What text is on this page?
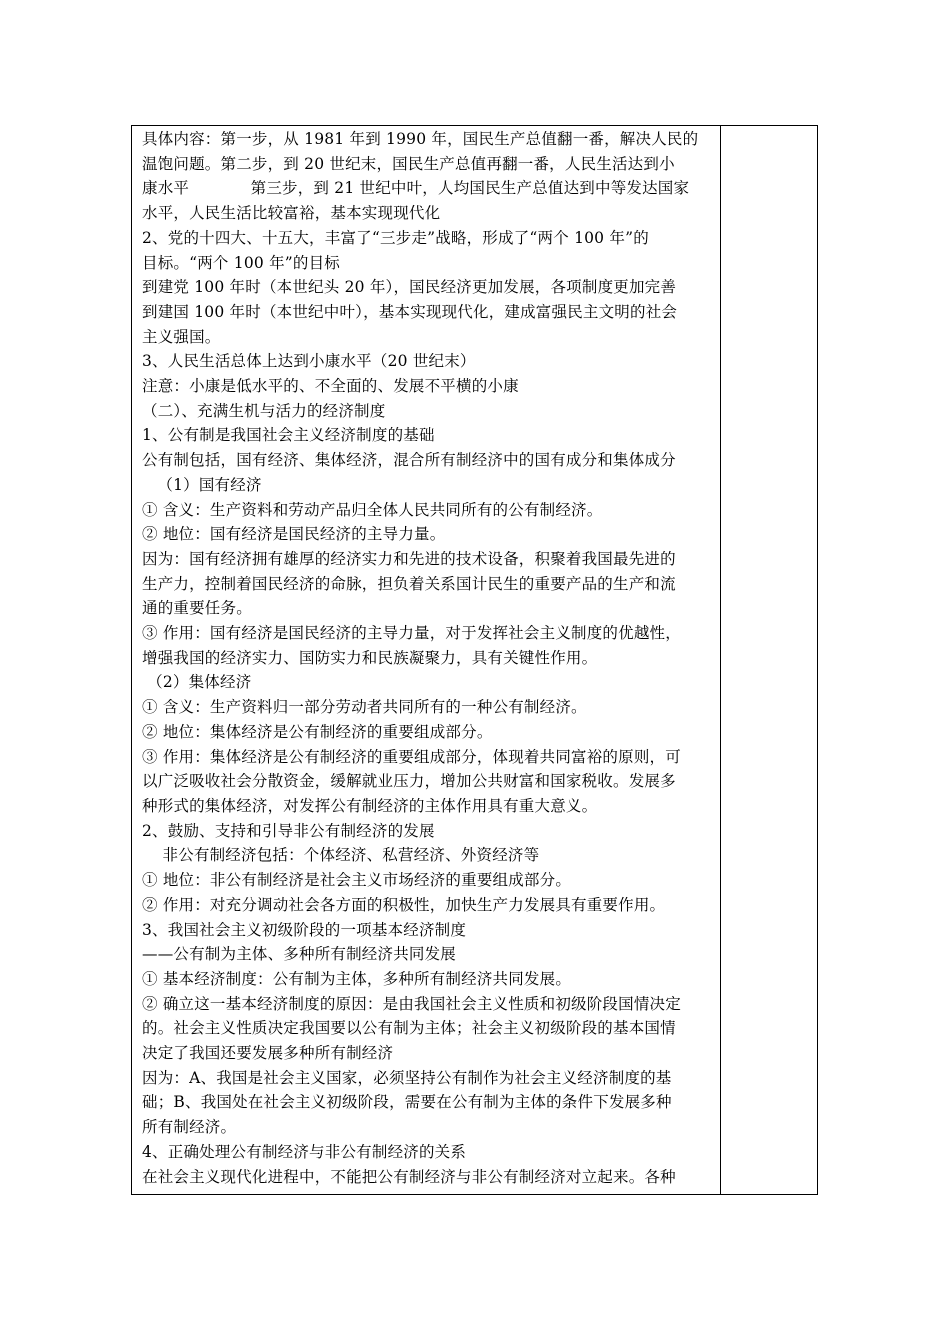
具体内容：第一步，从 1981 年到 1990 年，国民生产总值翻一番，解决人民的
温饱问题。第二步，到 20 世纪末，国民生产总值再翻一番，人民生活达到小
康水平            第三步，到 21 世纪中叶，人均国民生产总值达到中等发达国家
水平，人民生活比较富裕，基本实现现代化
2、党的十四大、十五大，丰富了“三步走”战略，形成了“两个 100 年”的
目标。“两个 100 年”的目标
到建党 100 年时（本世纪头 20 年），国民经济更加发展，各项制度更加完善
到建国 100 年时（本世纪中叶），基本实现现代化，建成富强民主文明的社会
主义强国。
3、人民生活总体上达到小康水平（20 世纪末）
注意：小康是低水平的、不全面的、发展不平横的小康
（二）、充满生机与活力的经济制度
1、公有制是我国社会主义经济制度的基础
公有制包括，国有经济、集体经济，混合所有制经济中的国有成分和集体成分
（1）国有经济
① 含义：生产资料和劳动产品归全体人民共同所有的公有制经济。
② 地位：国有经济是国民经济的主导力量。
因为：国有经济拥有雄厚的经济实力和先进的技术设备，积聚着我国最先进的
生产力，控制着国民经济的命脉，担负着关系国计民生的重要产品的生产和流
通的重要任务。
③ 作用：国有经济是国民经济的主导力量，对于发挥社会主义制度的优越性，
增强我国的经济实力、国防实力和民族凝聚力，具有关键性作用。
（2）集体经济
① 含义：生产资料归一部分劳动者共同所有的一种公有制经济。
② 地位：集体经济是公有制经济的重要组成部分。
③ 作用：集体经济是公有制经济的重要组成部分，体现着共同富裕的原则，可
以广泛吸收社会分散资金，缓解就业压力，增加公共财富和国家税收。发展多
种形式的集体经济，对发挥公有制经济的主体作用具有重大意义。
2、鼓励、支持和引导非公有制经济的发展
非公有制经济包括：个体经济、私营经济、外资经济等
① 地位：非公有制经济是社会主义市场经济的重要组成部分。
② 作用：对充分调动社会各方面的积极性，加快生产力发展具有重要作用。
3、我国社会主义初级阶段的一项基本经济制度
——公有制为主体、多种所有制经济共同发展
① 基本经济制度：公有制为主体，多种所有制经济共同发展。
② 确立这一基本经济制度的原因：是由我国社会主义性质和初级阶段国情决定
的。社会主义性质决定我国要以公有制为主体；社会主义初级阶段的基本国情
决定了我国还要发展多种所有制经济
因为：A、我国是社会主义国家，必须坚持公有制作为社会主义经济制度的基
础；B、我国处在社会主义初级阶段，需要在公有制为主体的条件下发展多种
所有制经济。
4、正确处理公有制经济与非公有制经济的关系
在社会主义现代化进程中，不能把公有制经济与非公有制经济对立起来。各种
